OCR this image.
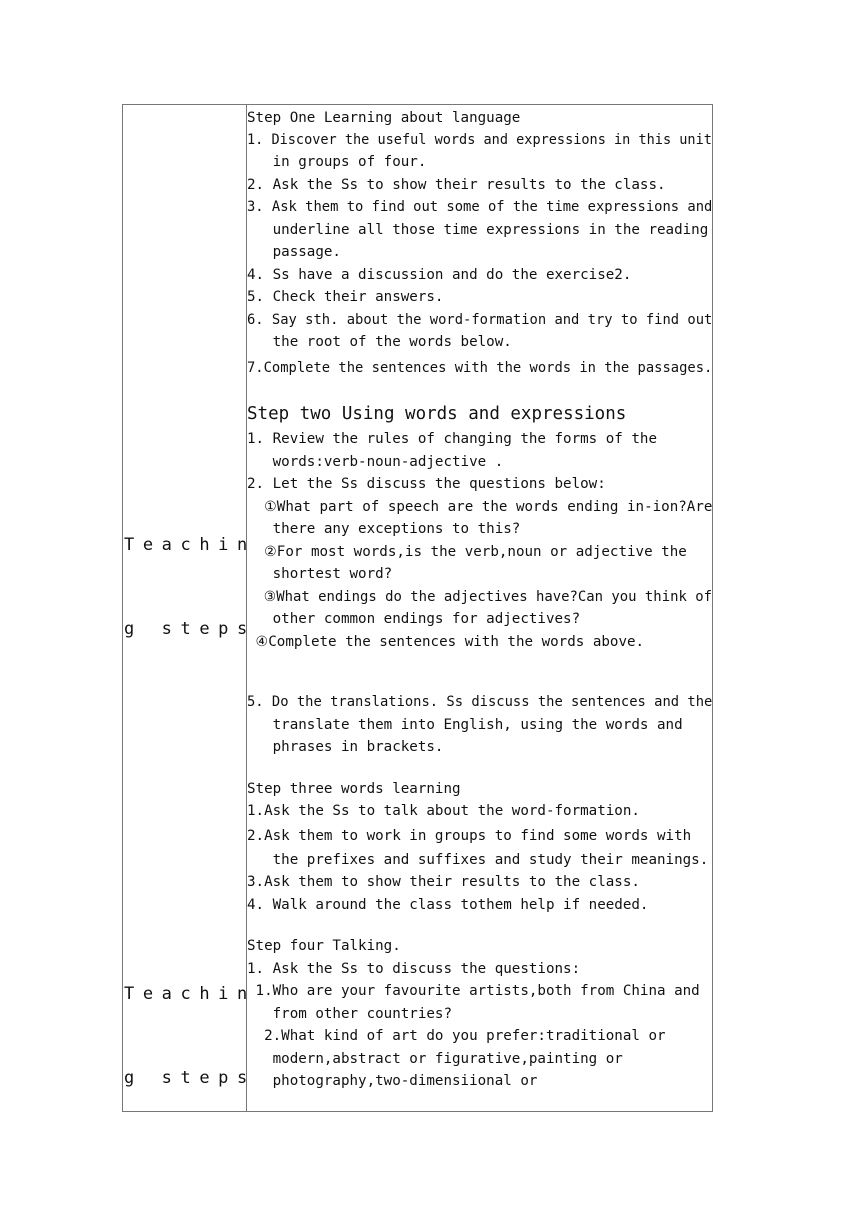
Teachin

g steps

Teachin

g steps

Step One Learning about language
1. Discover the useful words and expressions in this unit
in groups of four.
2. Ask the Ss to show their results to the class.
3. Ask them to find out some of the time expressions and
underline all those time expressions in the reading
passage.
4. Ss have a discussion and do the exercise2.
5. Check their answers.
6. Say sth. about the word-formation and try to find out
the root of the words below.
7.Complete the sentences with the words in the passages.
Step two Using words and expressions
1. Review the rules of changing the forms of the
words:verb-noun-adjective .
2. Let the Ss discuss the questions below:
①What part of speech are the words ending in-ion?Are
there any exceptions to this?
②For most words,is the verb,noun or adjective the
shortest word?
③What endings do the adjectives have?Can you think of
other common endings for adjectives?
④Complete the sentences with the words above.
5. Do the translations. Ss discuss the sentences and the
translate them into English, using the words and
phrases in brackets.
Step three words learning
1.Ask the Ss to talk about the word-formation.
2.Ask them to work in groups to find some words with
the prefixes and suffixes and study their meanings.
3.Ask them to show their results to the class.
4. Walk around the class tothem help if needed.
Step four Talking.
1. Ask the Ss to discuss the questions:
1.Who are your favourite artists,both from China and
from other countries?
2.What kind of art do you prefer:traditional or
modern,abstract or figurative,painting or
photography,two-dimensiional or
